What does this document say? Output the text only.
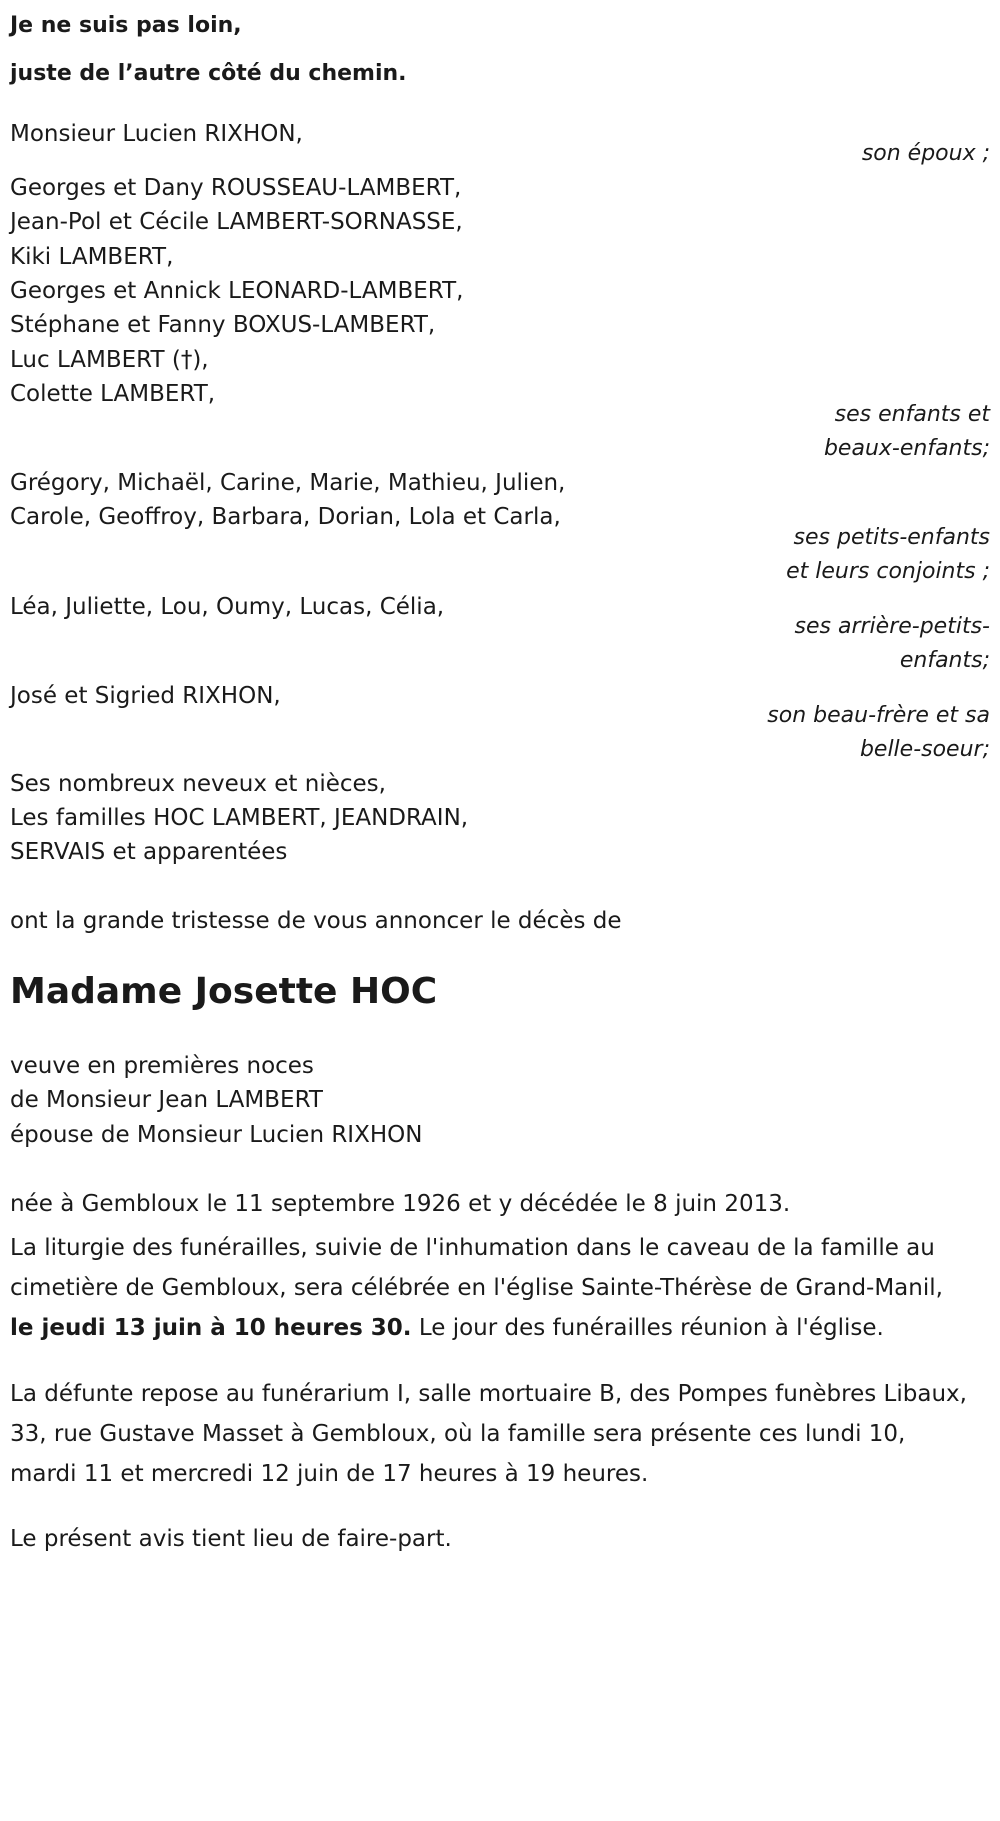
Je ne suis pas loin,
juste de l’autre côté du chemin.
Monsieur Lucien RIXHON,
son époux ;
Georges et Dany ROUSSEAU-LAMBERT,
Jean-Pol et Cécile LAMBERT-SORNASSE,
Kiki LAMBERT,
Georges et Annick LEONARD-LAMBERT,
Stéphane et Fanny BOXUS-LAMBERT,
Luc LAMBERT (†),
Colette LAMBERT,
ses enfants et
beaux-enfants;
Grégory, Michaël, Carine, Marie, Mathieu, Julien,
Carole, Geoffroy, Barbara, Dorian, Lola et Carla,
ses petits-enfants
et leurs conjoints ;
Léa, Juliette, Lou, Oumy, Lucas, Célia,
ses arrière-petits-
enfants;
José et Sigried RIXHON,
son beau-frère et sa
belle-soeur;
Ses nombreux neveux et nièces,
Les familles HOC LAMBERT, JEANDRAIN,
SERVAIS et apparentées
ont la grande tristesse de vous annoncer le décès de
Madame Josette HOC
veuve en premières noces
de Monsieur Jean LAMBERT
épouse de Monsieur Lucien RIXHON
née à Gembloux le 11 septembre 1926 et y décédée le 8 juin 2013.
La liturgie des funérailles, suivie de l'inhumation dans le caveau de la famille au cimetière de Gembloux, sera célébrée en l'église Sainte-Thérèse de Grand-Manil, le jeudi 13 juin à 10 heures 30. Le jour des funérailles réunion à l'église.
La défunte repose au funérarium I, salle mortuaire B, des Pompes funèbres Libaux, 33, rue Gustave Masset à Gembloux, où la famille sera présente ces lundi 10, mardi 11 et mercredi 12 juin de 17 heures à 19 heures.
Le présent avis tient lieu de faire-part.
